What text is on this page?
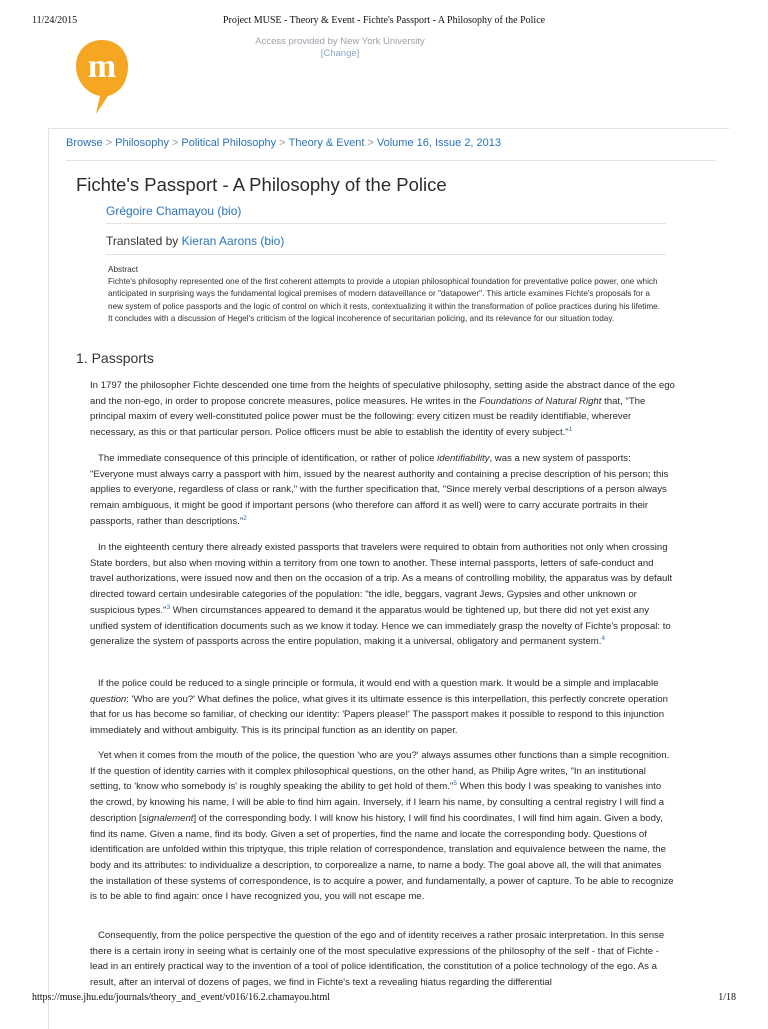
11/24/2015	Project MUSE - Theory & Event - Fichte's Passport - A Philosophy of the Police
m
Access provided by New York University
[Change]
Browse > Philosophy > Political Philosophy > Theory & Event > Volume 16, Issue 2, 2013
Fichte's Passport - A Philosophy of the Police
Grégoire Chamayou (bio)
Translated by Kieran Aarons (bio)
Abstract
Fichte's philosophy represented one of the first coherent attempts to provide a utopian philosophical foundation for preventative police power, one which anticipated in surprising ways the fundamental logical premises of modern dataveillance or "datapower". This article examines Fichte's proposals for a new system of police passports and the logic of control on which it rests, contextualizing it within the transformation of police practices during his lifetime. It concludes with a discussion of Hegel's criticism of the logical incoherence of securitarian policing, and its relevance for our situation today.
1. Passports

In 1797 the philosopher Fichte descended one time from the heights of speculative philosophy, setting aside the abstract dance of the ego and the non-ego, in order to propose concrete measures, police measures. He writes in the Foundations of Natural Right that, "The principal maxim of every well-constituted police power must be the following: every citizen must be readily identifiable, wherever necessary, as this or that particular person. Police officers must be able to establish the identity of every subject."$^1$

The immediate consequence of this principle of identification, or rather of police identifiability, was a new system of passports: "Everyone must always carry a passport with him, issued by the nearest authority and containing a precise description of his person; this applies to everyone, regardless of class or rank," with the further specification that, "Since merely verbal descriptions of a person always remain ambiguous, it might be good if important persons (who therefore can afford it as well) were to carry accurate portraits in their passports, rather than descriptions."$^2$

In the eighteenth century there already existed passports that travelers were required to obtain from authorities not only when crossing State borders, but also when moving within a territory from one town to another. These internal passports, letters of safe-conduct and travel authorizations, were issued now and then on the occasion of a trip. As a means of controlling mobility, the apparatus was by default directed toward certain undesirable categories of the population: "the idle, beggars, vagrant Jews, Gypsies and other unknown or suspicious types."$^3$ When circumstances appeared to demand it the apparatus would be tightened up, but there did not yet exist any unified system of identification documents such as we know it today. Hence we can immediately grasp the novelty of Fichte's proposal: to generalize the system of passports across the entire population, making it a universal, obligatory and permanent system.$^4$

If the police could be reduced to a single principle or formula, it would end with a question mark. It would be a simple and implacable question: 'Who are you?' What defines the police, what gives it its ultimate essence is this interpellation, this perfectly concrete operation that for us has become so familiar, of checking our identity: 'Papers please!' The passport makes it possible to respond to this injunction immediately and without ambiguity. This is its principal function as an identity on paper.

Yet when it comes from the mouth of the police, the question 'who are you?' always assumes other functions than a simple recognition. If the question of identity carries with it complex philosophical questions, on the other hand, as Philip Agre writes, "In an institutional setting, to 'know who somebody is' is roughly speaking the ability to get hold of them."$^5$ When this body I was speaking to vanishes into the crowd, by knowing his name, I will be able to find him again. Inversely, if I learn his name, by consulting a central registry I will find a description [signalement] of the corresponding body. I will know his history, I will find his coordinates, I will find him again. Given a body, find its name. Given a name, find its body. Given a set of properties, find the name and locate the corresponding body. Questions of identification are unfolded within this triptyque, this triple relation of correspondence, translation and equivalence between the name, the body and its attributes: to individualize a description, to corporealize a name, to name a body. The goal above all, the will that animates the installation of these systems of correspondence, is to acquire a power, and fundamentally, a power of capture. To be able to recognize is to be able to find again: once I have recognized you, you will not escape me.

Consequently, from the police perspective the question of the ego and of identity receives a rather prosaic interpretation. In this sense there is a certain irony in seeing what is certainly one of the most speculative expressions of the philosophy of the self - that of Fichte - lead in an entirely practical way to the invention of a tool of police identification, the constitution of a police technology of the ego. As a result, after an interval of dozens of pages, we find in Fichte's text a revealing hiatus regarding the differential

https://muse.jhu.edu/journals/theory_and_event/v016/16.2.chamayou.html	1/18
